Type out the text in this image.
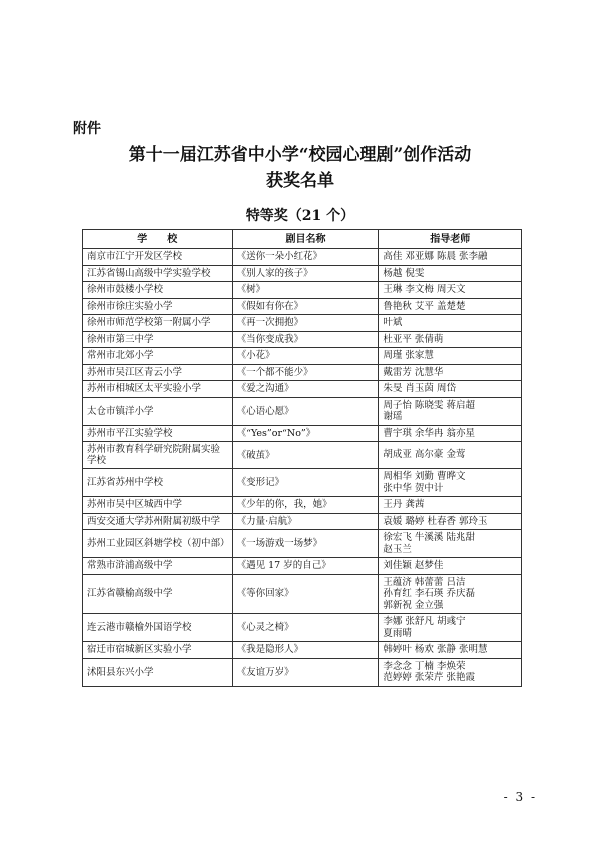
附件
第十一届江苏省中小学“校园心理剧”创作活动
获奖名单
特等奖（21 个）
学　　校	剧目名称	指导老师
南京市江宁开发区学校	《送你一朵小红花》	高佳 邓亚娜 陈晨 张李融

江苏省锡山高级中学实验学校	《别人家的孩子》	杨越 倪雯

徐州市鼓楼小学校	《树》	王琳 李文梅 周天文

徐州市徐庄实验小学	《假如有你在》	鲁艳秋 艾平 盖楚楚

徐州市师范学校第一附属小学	《再一次拥抱》	叶斌

徐州市第三中学	《当你变成我》	杜亚平 张倩萌

常州市北郊小学	《小花》	周瑾 张家慧

苏州市吴江区青云小学	《一个都不能少》	戴雷芳 沈慧华

苏州市相城区太平实验小学	《爱之沟通》	朱旻 肖玉茵 周岱

太仓市镇洋小学	《心语心愿》	周子怡 陈晓雯 蒋启超
谢瑶

苏州市平江实验学校	《“Yes”or“No”》	曹宇琪 余华冉 翁亦星

苏州市教育科学研究院附属实验学校	《破茧》	胡成亚 高尔豪 金莺

江苏省苏州中学校	《变形记》	周相华 刘勤 曹晔文
张中华 贺中计

苏州市吴中区城西中学	《少年的你，我，她》	王丹 龚茜

西安交通大学苏州附属初级中学	《力量·启航》	袁媛 璐婷 杜春香 郭玲玉

苏州工业园区斜塘学校（初中部）	《一场游戏一场梦》	徐宏飞 牛溪溪 陆兆甜
赵玉兰

常熟市浒浦高级中学	《遇见 17 岁的自己》	刘佳颖 赵梦佳

江苏省赣榆高级中学	《等你回家》	王蕴济 韩蕾蕾 吕洁
孙育红 李石瑛 乔庆磊
郭新祝 金立强

连云港市赣榆外国语学校	《心灵之椅》	李娜 张舒凡 胡彧宁
夏雨晴

宿迁市宿城新区实验小学	《我是隐形人》	韩婷叶 杨欢 张静 张明慧

沭阳县东兴小学	《友谊万岁》	李念念 丁楠 李焕荣
范婷婷 张荣芹 张艳霞
- 3 -
